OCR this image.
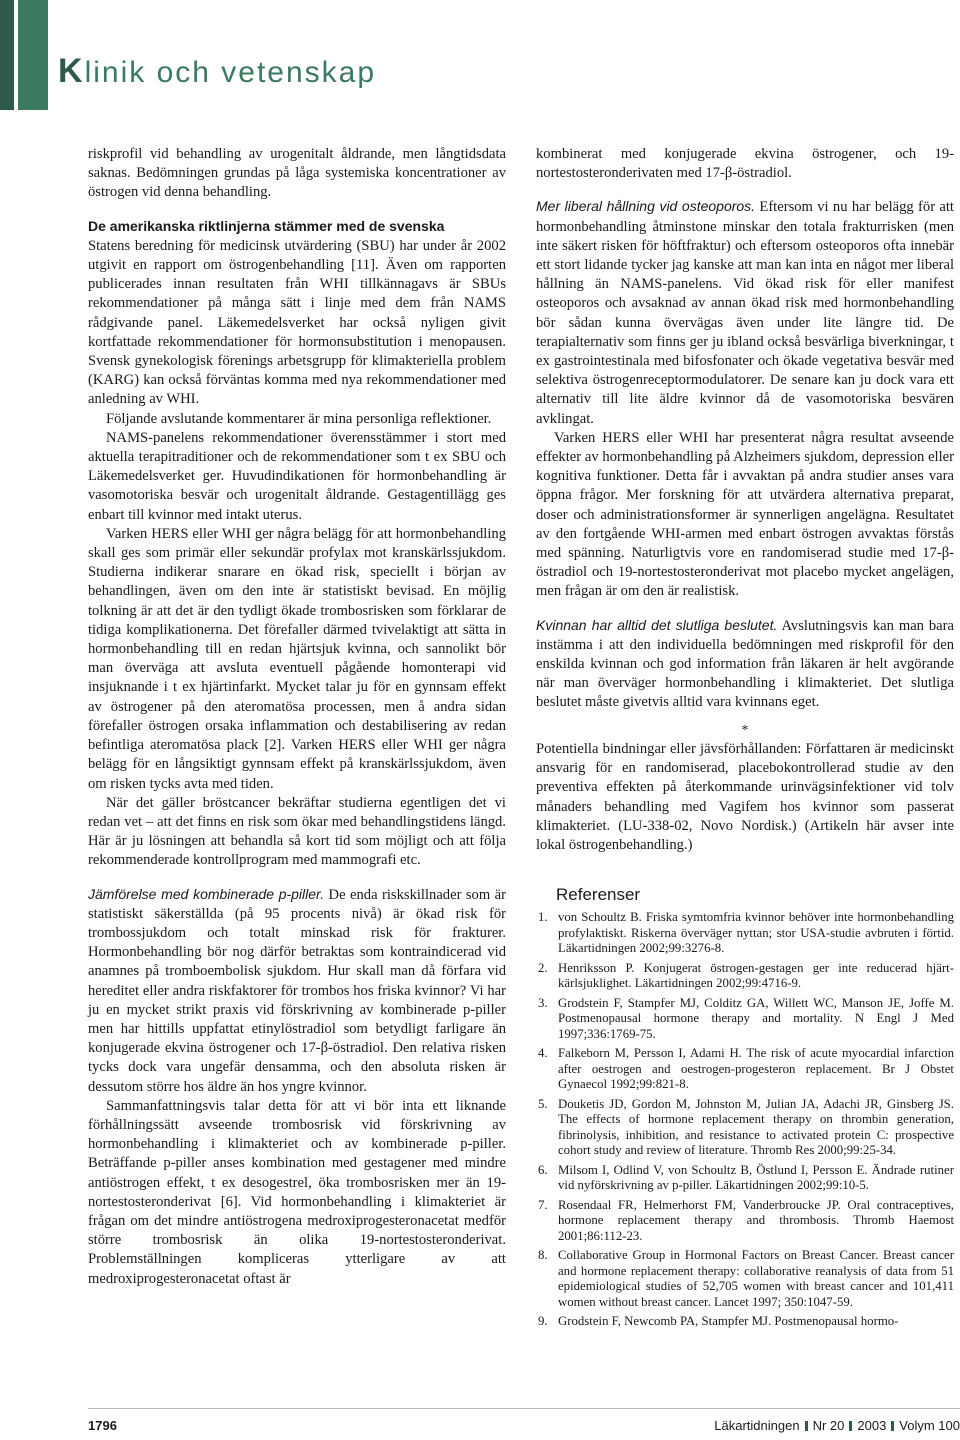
Klinik och vetenskap

riskprofil vid behandling av urogenitalt åldrande, men långtidsdata saknas. Bedömningen grundas på låga systemiska koncentrationer av östrogen vid denna behandling.

De amerikanska riktlinjerna stämmer med de svenska

Statens beredning för medicinsk utvärdering (SBU) har under år 2002 utgivit en rapport om östrogenbehandling [11]. Även om rapporten publicerades innan resultaten från WHI tillkännagavs är SBUs rekommendationer på många sätt i linje med dem från NAMS rådgivande panel. Läkemedelsverket har också nyligen givit kortfattade rekommendationer för hormonsubstitution i menopausen. Svensk gynekologisk förenings arbetsgrupp för klimakteriella problem (KARG) kan också förväntas komma med nya rekommendationer med anledning av WHI.

Följande avslutande kommentarer är mina personliga reflektioner.

NAMS-panelens rekommendationer överensstämmer i stort med aktuella terapitraditioner och de rekommendationer som t ex SBU och Läkemedelsverket ger. Huvudindikationen för hormonbehandling är vasomotoriska besvär och urogenitalt åldrande. Gestagentillägg ges enbart till kvinnor med intakt uterus.

Varken HERS eller WHI ger några belägg för att hormonbehandling skall ges som primär eller sekundär profylax mot kranskärlssjukdom. Studierna indikerar snarare en ökad risk, speciellt i början av behandlingen, även om den inte är statistiskt bevisad. En möjlig tolkning är att det är den tydligt ökade trombosrisken som förklarar de tidiga komplikationerna. Det förefaller därmed tvivelaktigt att sätta in hormonbehandling till en redan hjärtsjuk kvinna, och sannolikt bör man överväga att avsluta eventuell pågående homonterapi vid insjuknande i t ex hjärtinfarkt. Mycket talar ju för en gynnsam effekt av östrogener på den ateromatösa processen, men å andra sidan förefaller östrogen orsaka inflammation och destabilisering av redan befintliga ateromatösa plack [2]. Varken HERS eller WHI ger några belägg för en långsiktigt gynnsam effekt på kranskärlssjukdom, även om risken tycks avta med tiden.

När det gäller bröstcancer bekräftar studierna egentligen det vi redan vet – att det finns en risk som ökar med behandlingstidens längd. Här är ju lösningen att behandla så kort tid som möjligt och att följa rekommenderade kontrollprogram med mammografi etc.

Jämförelse med kombinerade p-piller. De enda riskskillnader som är statistiskt säkerställda (på 95 procents nivå) är ökad risk för trombossjukdom och totalt minskad risk för frakturer. Hormonbehandling bör nog därför betraktas som kontraindicerad vid anamnes på tromboembolisk sjukdom. Hur skall man då förfara vid hereditet eller andra riskfaktorer för trombos hos friska kvinnor? Vi har ju en mycket strikt praxis vid förskrivning av kombinerade p-piller men har hittills uppfattat etinylöstradiol som betydligt farligare än konjugerade ekvina östrogener och 17-β-östradiol. Den relativa risken tycks dock vara ungefär densamma, och den absoluta risken är dessutom större hos äldre än hos yngre kvinnor.

Sammanfattningsvis talar detta för att vi bör inta ett liknande förhållningssätt avseende trombosrisk vid förskrivning av hormonbehandling i klimakteriet och av kombinerade p-piller. Beträffande p-piller anses kombination med gestagener med mindre antiöstrogen effekt, t ex desogestrel, öka trombosrisken mer än 19-nortestosteronderivat [6]. Vid hormonbehandling i klimakteriet är frågan om det mindre antiöstrogena medroxiprogesteronacetat medför större trombosrisk än olika 19-nortestosteronderivat. Problemställningen kompliceras ytterligare av att medroxiprogesteronacetat oftast är

kombinerat med konjugerade ekvina östrogener, och 19-nortestosteronderivaten med 17-β-östradiol.

Mer liberal hållning vid osteoporos. Eftersom vi nu har belägg för att hormonbehandling åtminstone minskar den totala frakturrisken (men inte säkert risken för höftfraktur) och eftersom osteoporos ofta innebär ett stort lidande tycker jag kanske att man kan inta en något mer liberal hållning än NAMS-panelens. Vid ökad risk för eller manifest osteoporos och avsaknad av annan ökad risk med hormonbehandling bör sådan kunna övervägas även under lite längre tid. De terapialternativ som finns ger ju ibland också besvärliga biverkningar, t ex gastrointestinala med bifosfonater och ökade vegetativa besvär med selektiva östrogenreceptormodulatorer. De senare kan ju dock vara ett alternativ till lite äldre kvinnor då de vasomotoriska besvären avklingat.

Varken HERS eller WHI har presenterat några resultat avseende effekter av hormonbehandling på Alzheimers sjukdom, depression eller kognitiva funktioner. Detta får i avvaktan på andra studier anses vara öppna frågor. Mer forskning för att utvärdera alternativa preparat, doser och administrationsformer är synnerligen angelägna. Resultatet av den fortgående WHI-armen med enbart östrogen avvaktas förstås med spänning. Naturligtvis vore en randomiserad studie med 17-β-östradiol och 19-nortestosteronderivat mot placebo mycket angelägen, men frågan är om den är realistisk.

Kvinnan har alltid det slutliga beslutet. Avslutningsvis kan man bara instämma i att den individuella bedömningen med riskprofil för den enskilda kvinnan och god information från läkaren är helt avgörande när man överväger hormonbehandling i klimakteriet. Det slutliga beslutet måste givetvis alltid vara kvinnans eget.

*

Potentiella bindningar eller jävsförhållanden: Författaren är medicinskt ansvarig för en randomiserad, placebokontrollerad studie av den preventiva effekten på återkommande urinvägsinfektioner vid tolv månaders behandling med Vagifem hos kvinnor som passerat klimakteriet. (LU-338-02, Novo Nordisk.) (Artikeln här avser inte lokal östrogenbehandling.)

Referenser
1. von Schoultz B. Friska symtomfria kvinnor behöver inte hormonbehandling profylaktiskt. Riskerna överväger nyttan; stor USA-studie avbruten i förtid. Läkartidningen 2002;99:3276-8.
2. Henriksson P. Konjugerat östrogen-gestagen ger inte reducerad hjärt-kärlsjuklighet. Läkartidningen 2002;99:4716-9.
3. Grodstein F, Stampfer MJ, Colditz GA, Willett WC, Manson JE, Joffe M. Postmenopausal hormone therapy and mortality. N Engl J Med 1997;336:1769-75.
4. Falkeborn M, Persson I, Adami H. The risk of acute myocardial infarction after oestrogen and oestrogen-progesteron replacement. Br J Obstet Gynaecol 1992;99:821-8.
5. Douketis JD, Gordon M, Johnston M, Julian JA, Adachi JR, Ginsberg JS. The effects of hormone replacement therapy on thrombin generation, fibrinolysis, inhibition, and resistance to activated protein C: prospective cohort study and review of literature. Thromb Res 2000;99:25-34.
6. Milsom I, Odlind V, von Schoultz B, Östlund I, Persson E. Ändrade rutiner vid nyförskrivning av p-piller. Läkartidningen 2002;99:10-5.
7. Rosendaal FR, Helmerhorst FM, Vanderbroucke JP. Oral contraceptives, hormone replacement therapy and thrombosis. Thromb Haemost 2001;86:112-23.
8. Collaborative Group in Hormonal Factors on Breast Cancer. Breast cancer and hormone replacement therapy: collaborative reanalysis of data from 51 epidemiological studies of 52,705 women with breast cancer and 101,411 women without breast cancer. Lancet 1997; 350:1047-59.
9. Grodstein F, Newcomb PA, Stampfer MJ. Postmenopausal hormo-
1796	Läkartidningen Nr 20 2003 Volym 100
